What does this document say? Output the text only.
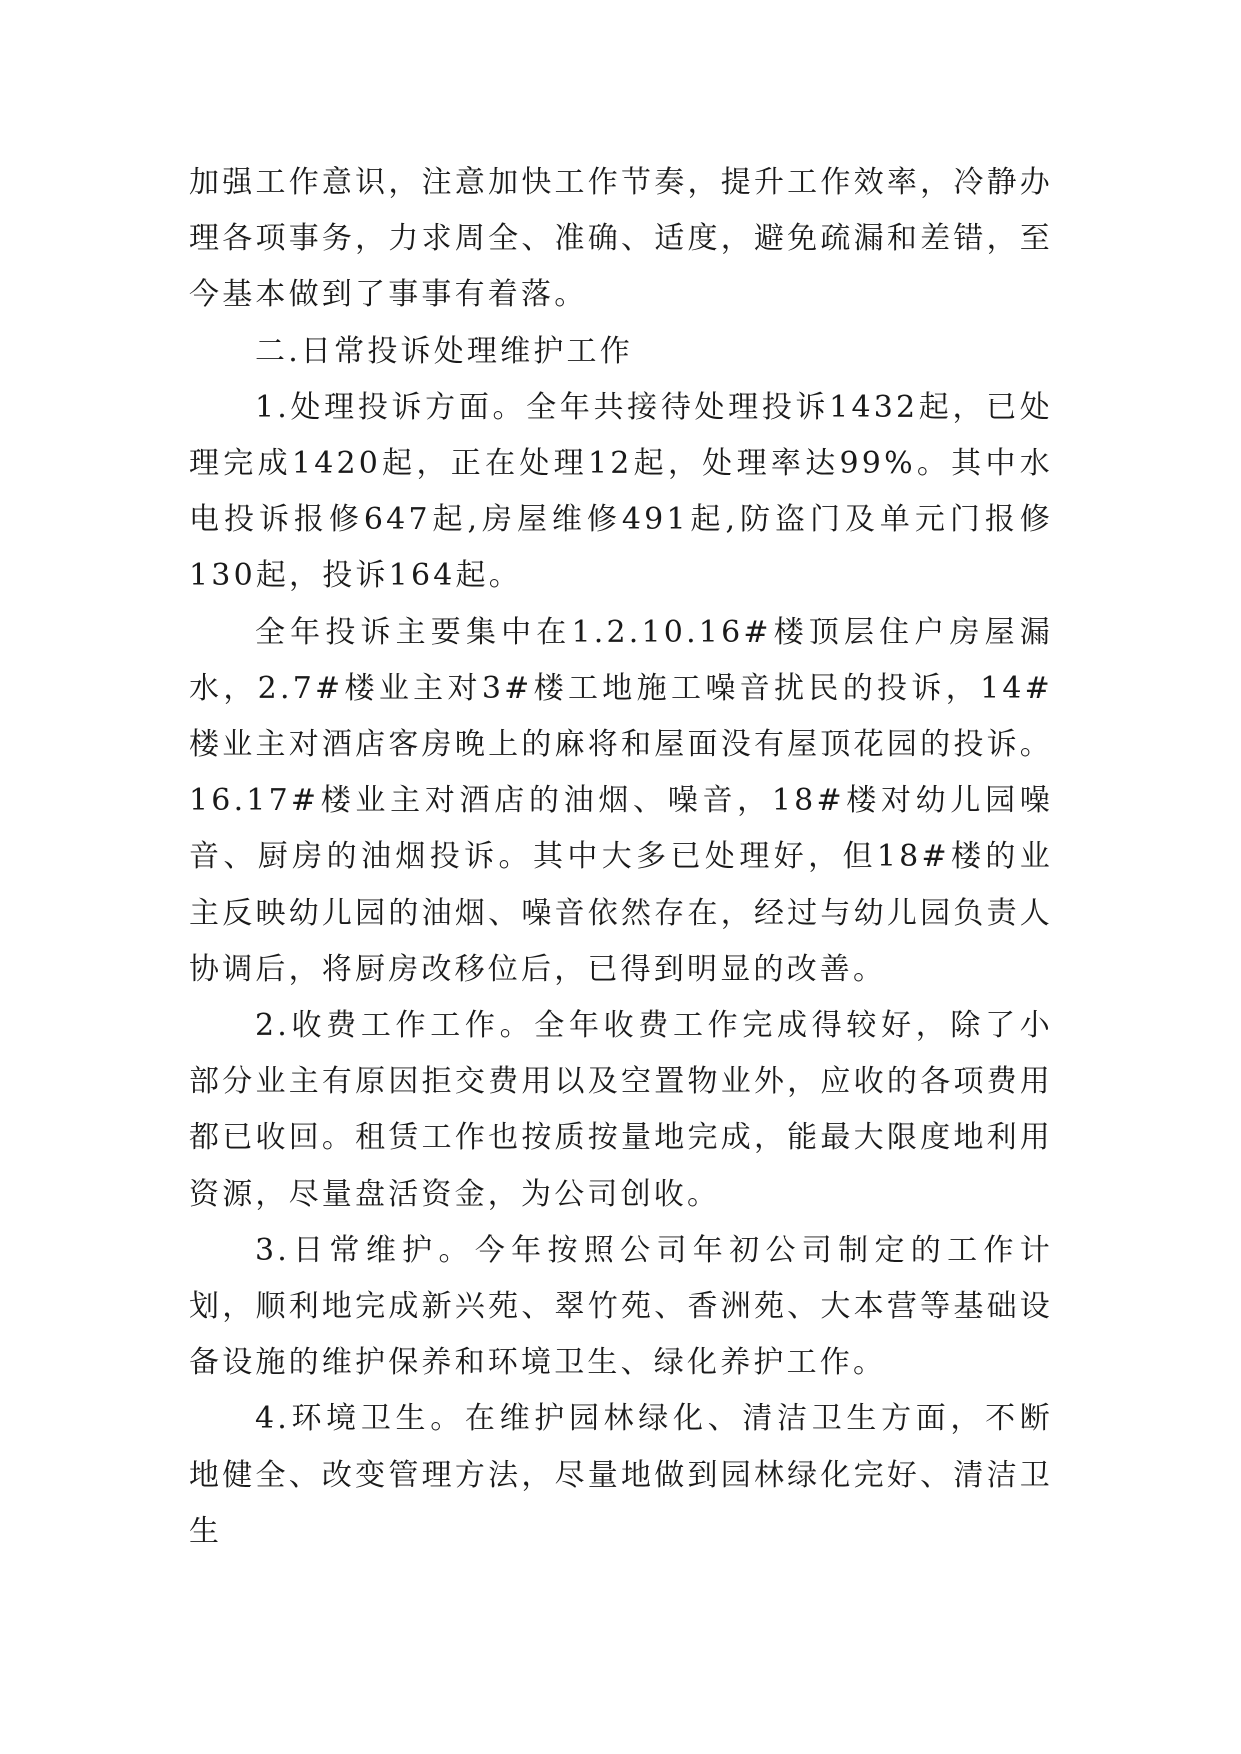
加强工作意识，注意加快工作节奏，提升工作效率，冷静办理各项事务，力求周全、准确、适度，避免疏漏和差错，至今基本做到了事事有着落。

二.日常投诉处理维护工作

1.处理投诉方面。全年共接待处理投诉1432起，已处理完成1420起，正在处理12起，处理率达99%。其中水电投诉报修647起,房屋维修491起,防盗门及单元门报修130起，投诉164起。

全年投诉主要集中在1.2.10.16#楼顶层住户房屋漏水，2.7#楼业主对3#楼工地施工噪音扰民的投诉，14#楼业主对酒店客房晚上的麻将和屋面没有屋顶花园的投诉。16.17#楼业主对酒店的油烟、噪音，18#楼对幼儿园噪音、厨房的油烟投诉。其中大多已处理好，但18#楼的业主反映幼儿园的油烟、噪音依然存在，经过与幼儿园负责人协调后，将厨房改移位后，已得到明显的改善。

2.收费工作工作。全年收费工作完成得较好，除了小部分业主有原因拒交费用以及空置物业外，应收的各项费用都已收回。租赁工作也按质按量地完成，能最大限度地利用资源，尽量盘活资金，为公司创收。

3.日常维护。今年按照公司年初公司制定的工作计划，顺利地完成新兴苑、翠竹苑、香洲苑、大本营等基础设备设施的维护保养和环境卫生、绿化养护工作。

4.环境卫生。在维护园林绿化、清洁卫生方面，不断地健全、改变管理方法，尽量地做到园林绿化完好、清洁卫生
